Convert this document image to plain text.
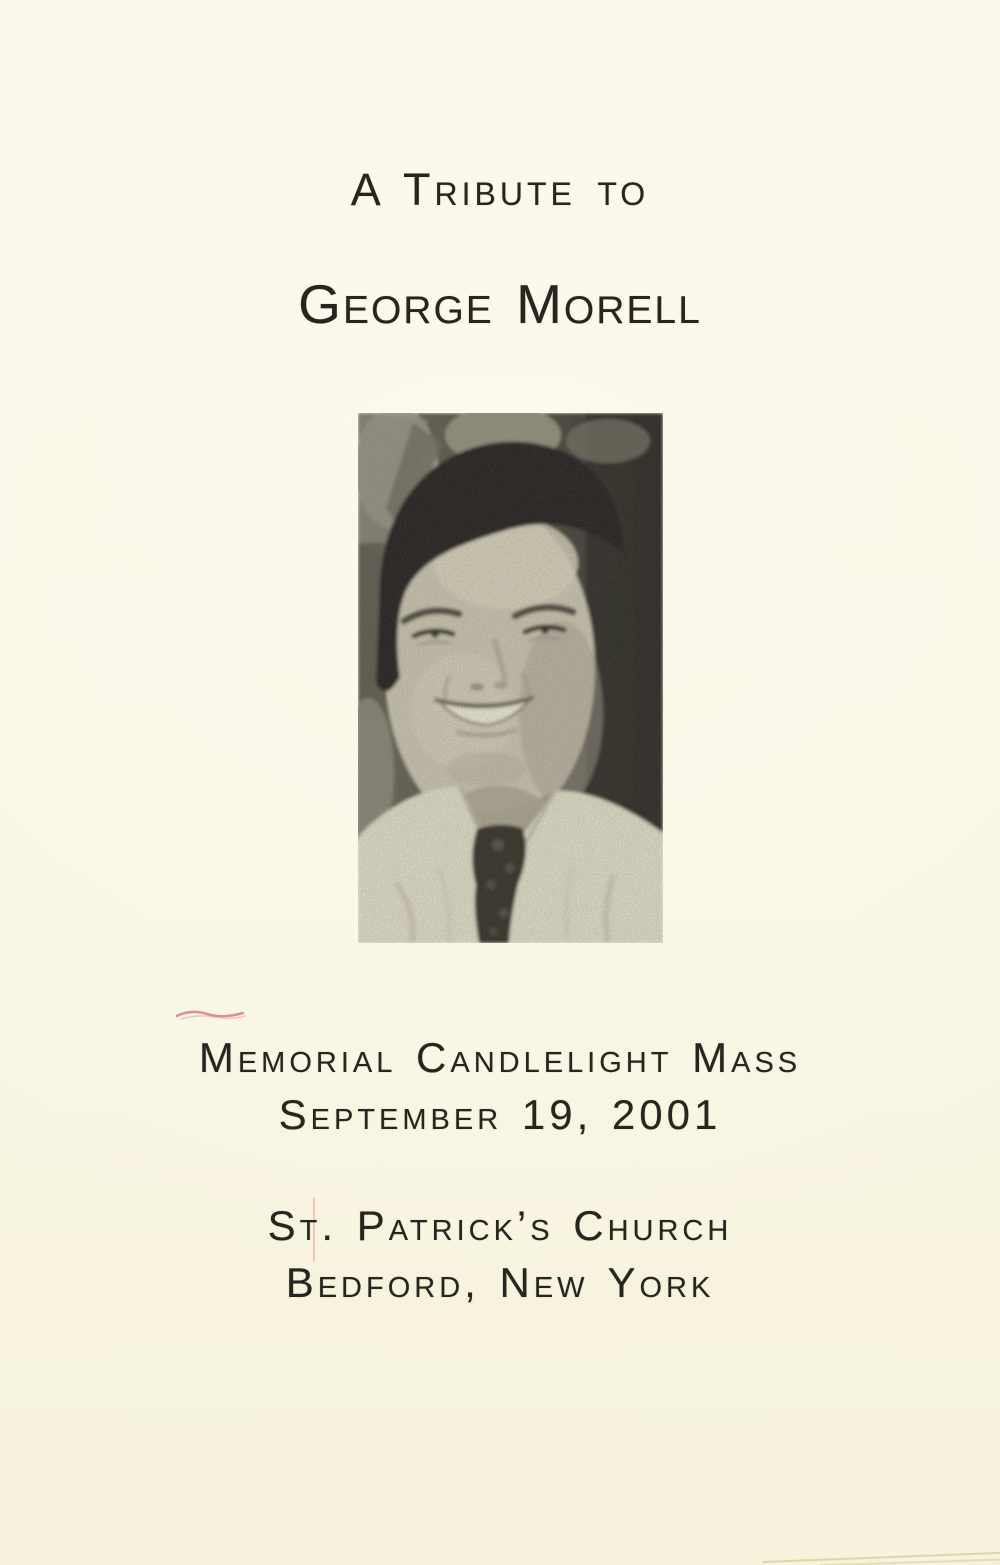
A Tribute to
George Morell
Memorial Candlelight Mass
September 19, 2001
St. Patrick’s Church
Bedford, New York
